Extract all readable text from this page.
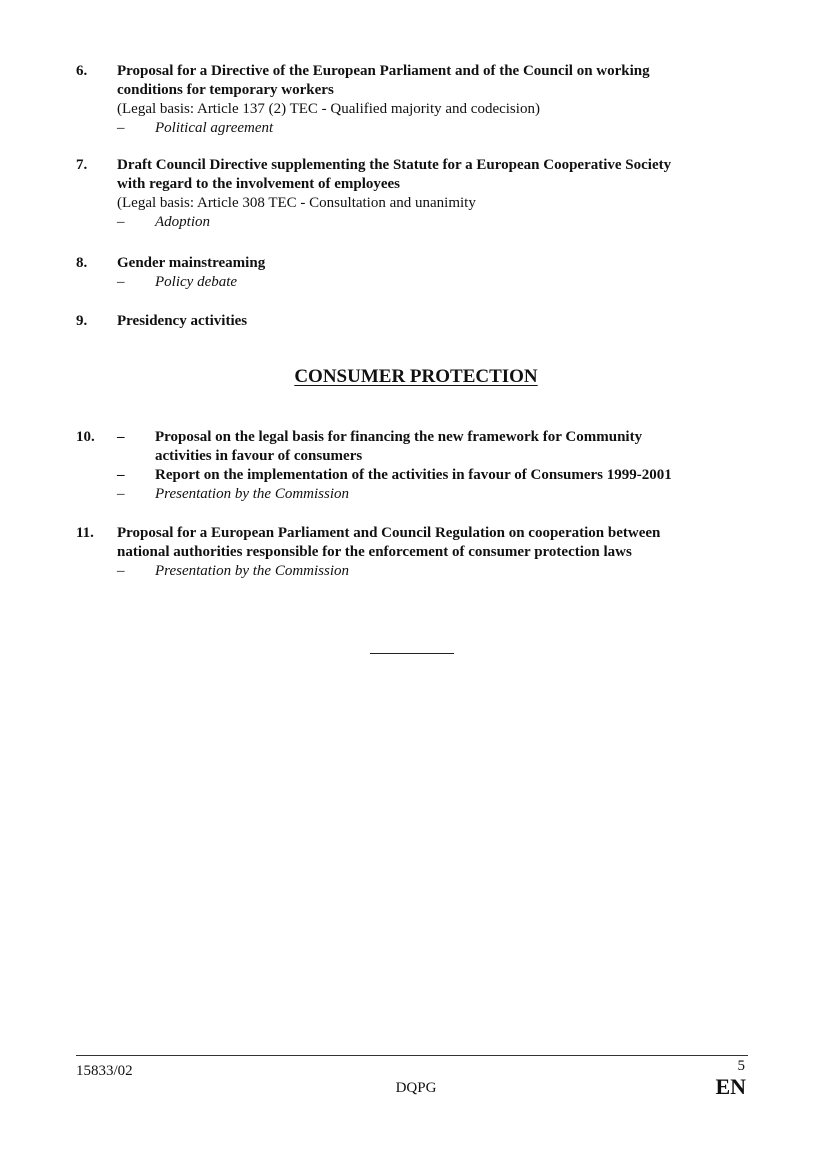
6. Proposal for a Directive of the European Parliament and of the Council on working
conditions for temporary workers
(Legal basis: Article 137 (2) TEC - Qualified majority and codecision)
– Political agreement
7. Draft Council Directive supplementing the Statute for a European Cooperative Society
with regard to the involvement of employees
(Legal basis: Article 308 TEC - Consultation and unanimity
– Adoption
8. Gender mainstreaming
– Policy debate
9. Presidency activities
CONSUMER PROTECTION
10. – Proposal on the legal basis for financing the new framework for Community
activities in favour of consumers
– Report on the implementation of the activities in favour of Consumers 1999-2001
– Presentation by the Commission
11. Proposal for a European Parliament and Council Regulation on cooperation between
national authorities responsible for the enforcement of consumer protection laws
– Presentation by the Commission
15833/02	5
DQPG	EN
